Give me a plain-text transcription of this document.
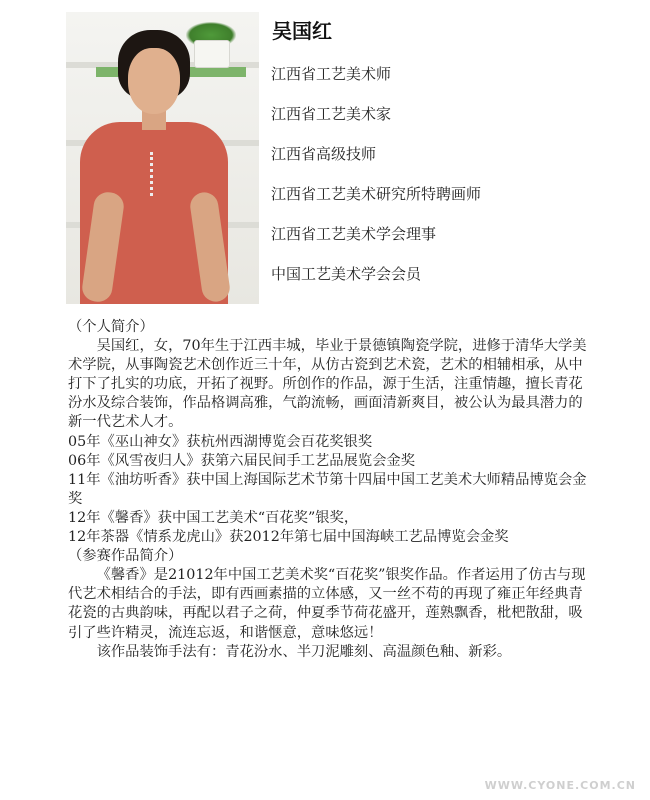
吴国红
江西省工艺美术师
江西省工艺美术家
江西省高级技师
江西省工艺美术研究所特聘画师
江西省工艺美术学会理事
中国工艺美术学会会员

（个人简介）

吴国红，女，70年生于江西丰城，毕业于景德镇陶瓷学院，进修于清华大学美术学院，从事陶瓷艺术创作近三十年，从仿古瓷到艺术瓷，艺术的相辅相承，从中打下了扎实的功底，开拓了视野。所创作的作品，源于生活，注重情趣，擅长青花汾水及综合装饰，作品格调高雅，气韵流畅，画面清新爽目，被公认为最具潜力的新一代艺术人才。

05年《巫山神女》获杭州西湖博览会百花奖银奖

06年《风雪夜归人》获第六届民间手工艺品展览会金奖

11年《油坊听香》获中国上海国际艺术节第十四届中国工艺美术大师精品博览会金奖

12年《馨香》获中国工艺美术“百花奖”银奖，

12年茶器《情系龙虎山》获2012年第七届中国海峡工艺品博览会金奖

（参赛作品简介）

《馨香》是21012年中国工艺美术奖“百花奖”银奖作品。作者运用了仿古与现代艺术相结合的手法，即有西画素描的立体感，又一丝不苟的再现了雍正年经典青花瓷的古典韵味，再配以君子之荷，仲夏季节荷花盛开，莲熟飘香，枇杷散甜，吸引了些许精灵，流连忘返，和谐惬意，意味悠远！

该作品装饰手法有：青花汾水、半刀泥雕刻、高温颜色釉、新彩。

WWW.CYONE.COM.CN
